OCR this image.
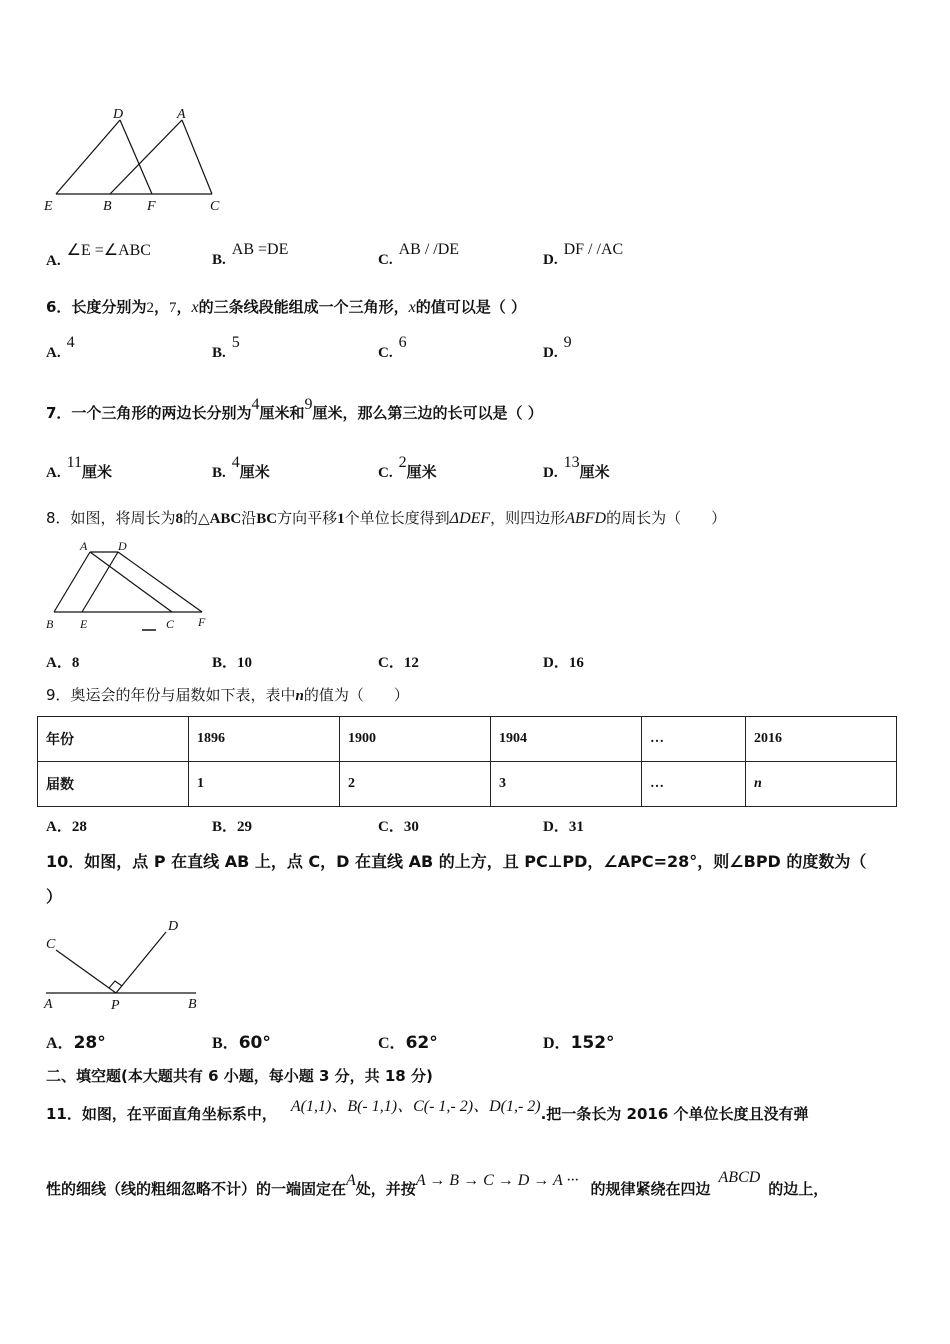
D	A
E	B	F	C
A.∠E =∠ABC
B.AB =DE
C.AB / /DE
D.DF / /AC
6．长度分别为2，7，x的三条线段能组成一个三角形，x的值可以是（ ）
A.4
B.5
C.6
D.9
7．一个三角形的两边长分别为4厘米和9厘米，那么第三边的长可以是（ ）
A.11厘米	B.4厘米	C.2厘米	D.13厘米
8．如图，将周长为8的△ABC沿BC方向平移1个单位长度得到ΔDEF，则四边形ABFD的周长为（　　）
A	D
B E	C F
A．8	B．10	C．12	D．16
9．奥运会的年份与届数如下表，表中n的值为（　　）
年份	1896	1900	1904	…	2016
届数	1	2	3	…	n
A．28	B．29	C．30	D．31
10．如图，点 P 在直线 AB 上，点 C，D 在直线 AB 的上方，且 PC⊥PD，∠APC=28°，则∠BPD 的度数为（
）
C
D
A	P	B
A．28°	B．60°	C．62°	D．152°
二、填空题(本大题共有 6 小题，每小题 3 分，共 18 分)
11．如图，在平面直角坐标系中， A(1,1)、B(- 1,1)、C(- 1,- 2)、D(1,- 2).把一条长为 2016 个单位长度且没有弹
性的细线（线的粗细忽略不计）的一端固定在A处，并按A → B → C → D → A ··· 的规律紧绕在四边ABCD的边上，
